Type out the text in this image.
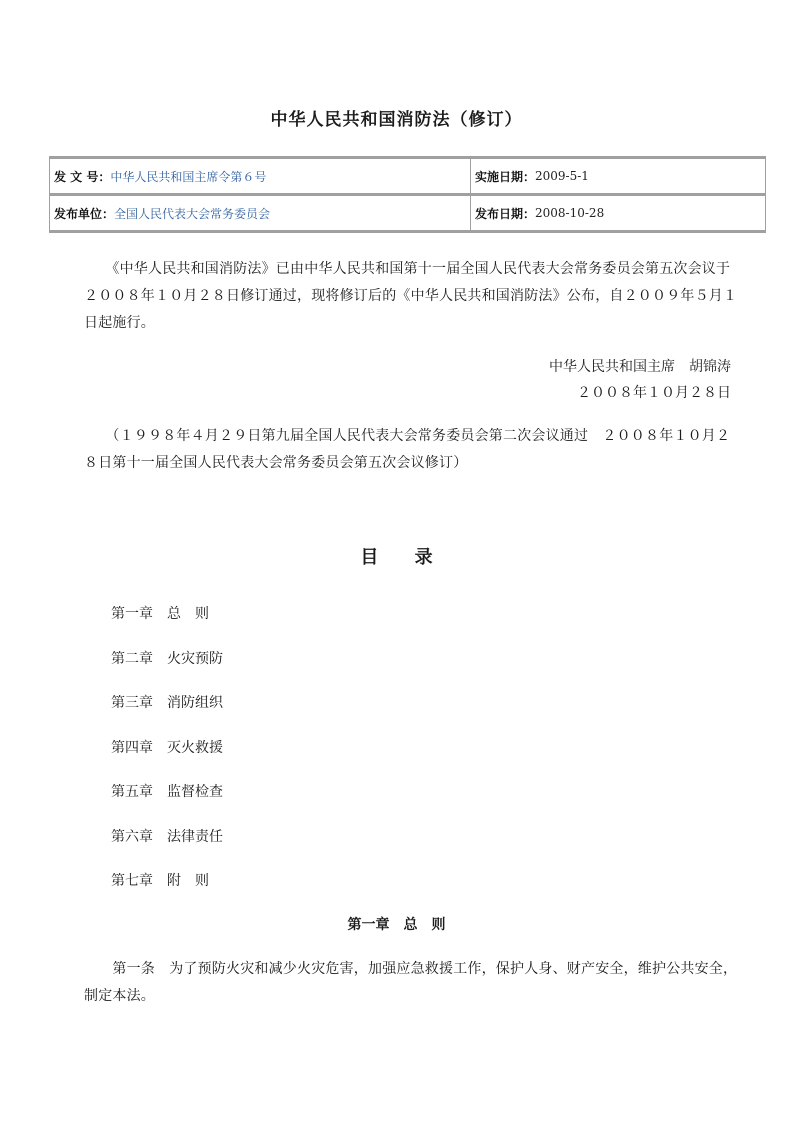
中华人民共和国消防法（修订）
发 文 号： 中华人民共和国主席令第６号	实施日期： 2009-5-1
发布单位： 全国人民代表大会常务委员会	发布日期： 2008-10-28
　　《中华人民共和国消防法》已由中华人民共和国第十一届全国人民代表大会常务委员会第五次会议于
２００８年１０月２８日修订通过，现将修订后的《中华人民共和国消防法》公布，自２００９年５月１
日起施行。
中华人民共和国主席　胡锦涛
２００８年１０月２８日
　　（１９９８年４月２９日第九届全国人民代表大会常务委员会第二次会议通过　２００８年１０月２
８日第十一届全国人民代表大会常务委员会第五次会议修订）
目 录
第一章　总　则
第二章　火灾预防
第三章　消防组织
第四章　灭火救援
第五章　监督检查
第六章　法律责任
第七章　附　则
第一章　总　则
　　第一条　为了预防火灾和减少火灾危害，加强应急救援工作，保护人身、财产安全，维护公共安全，
制定本法。
